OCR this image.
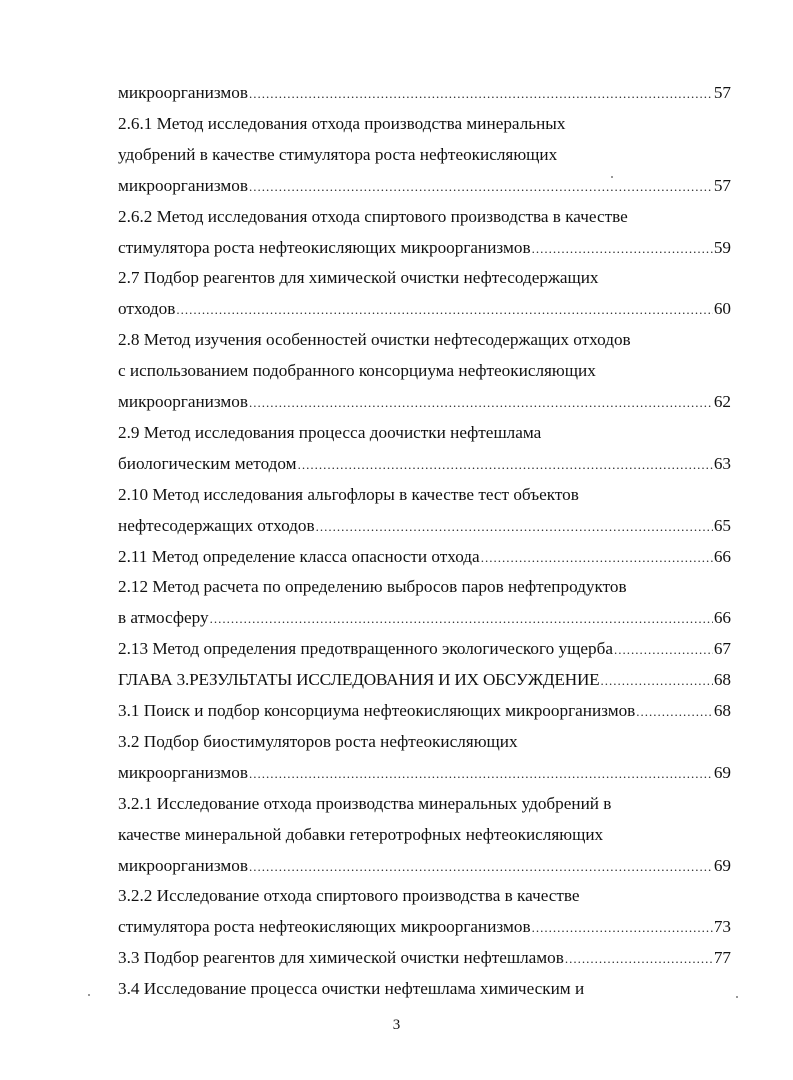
микроорганизмов .....	57
2.6.1 Метод исследования отхода производства минеральных
удобрений в качестве стимулятора роста нефтеокисляющих
микроорганизмов .....	57
2.6.2 Метод исследования отхода спиртового производства в качестве
стимулятора роста нефтеокисляющих микроорганизмов .....	59
2.7 Подбор реагентов для химической очистки нефтесодержащих
отходов .....	60
2.8 Метод изучения особенностей очистки нефтесодержащих отходов
с использованием подобранного консорциума нефтеокисляющих
микроорганизмов .....	62
2.9 Метод исследования процесса доочистки нефтешлама
биологическим методом .....	63
2.10 Метод исследования альгофлоры в качестве тест объектов
нефтесодержащих отходов .....	65
2.11 Метод определение класса опасности отхода .....	66
2.12 Метод расчета по определению выбросов паров нефтепродуктов
в атмосферу .....	66
2.13 Метод определения предотвращенного экологического ущерба .....	67
ГЛАВА 3.РЕЗУЛЬТАТЫ ИССЛЕДОВАНИЯ И ИХ ОБСУЖДЕНИЕ .....	68
3.1 Поиск и подбор консорциума нефтеокисляющих микроорганизмов .....	68
3.2 Подбор биостимуляторов роста нефтеокисляющих
микроорганизмов .....	69
3.2.1 Исследование отхода производства минеральных удобрений в
качестве минеральной добавки гетеротрофных нефтеокисляющих
микроорганизмов .....	69
3.2.2 Исследование отхода спиртового производства в качестве
стимулятора роста нефтеокисляющих микроорганизмов .....	73
3.3 Подбор реагентов для химической очистки нефтешламов .....	77
3.4 Исследование процесса очистки нефтешлама химическим и
3
